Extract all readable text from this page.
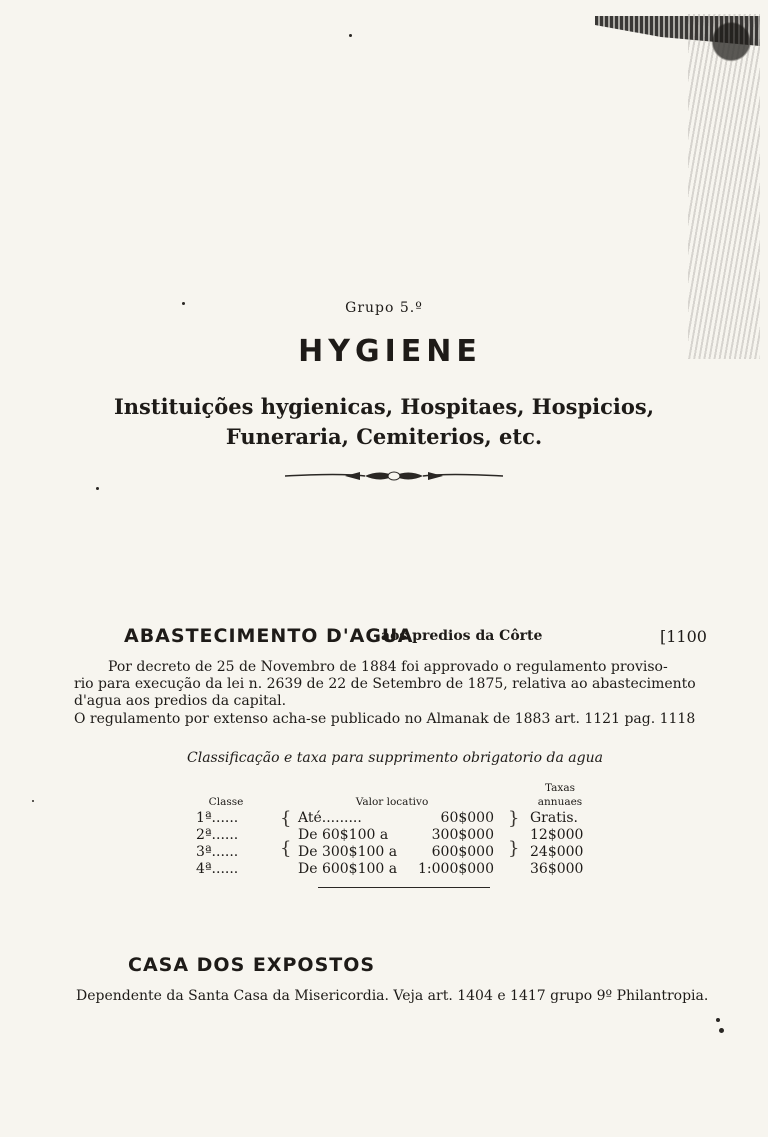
Grupo 5.º
HYGIENE
Instituições hygienicas, Hospitaes, Hospicios,
Funeraria, Cemiterios, etc.
ABASTECIMENTO D'AGUA
aos predios da Côrte	[1100
Por decreto de 25 de Novembro de 1884 foi approvado o regulamento proviso-
rio para execução da lei n. 2639 de 22 de Setembro de 1875, relativa ao abastecimento
d'agua aos predios da capital.
O regulamento por extenso acha-se publicado no Almanak de 1883 art. 1121 pag. 1118
Classificação e taxa para supprimento obrigatorio da agua
Classe	Valor locativo
Taxas
annuaes
{
{
}
}
1ª......	Até.........	60$000	Gratis.
2ª......	De 60$100 a	300$000	12$000
3ª......	De 300$100 a	600$000	24$000
4ª......	De 600$100 a	1:000$000	36$000
CASA DOS EXPOSTOS
Dependente da Santa Casa da Misericordia. Veja art. 1404 e 1417 grupo 9º Philantropia.
